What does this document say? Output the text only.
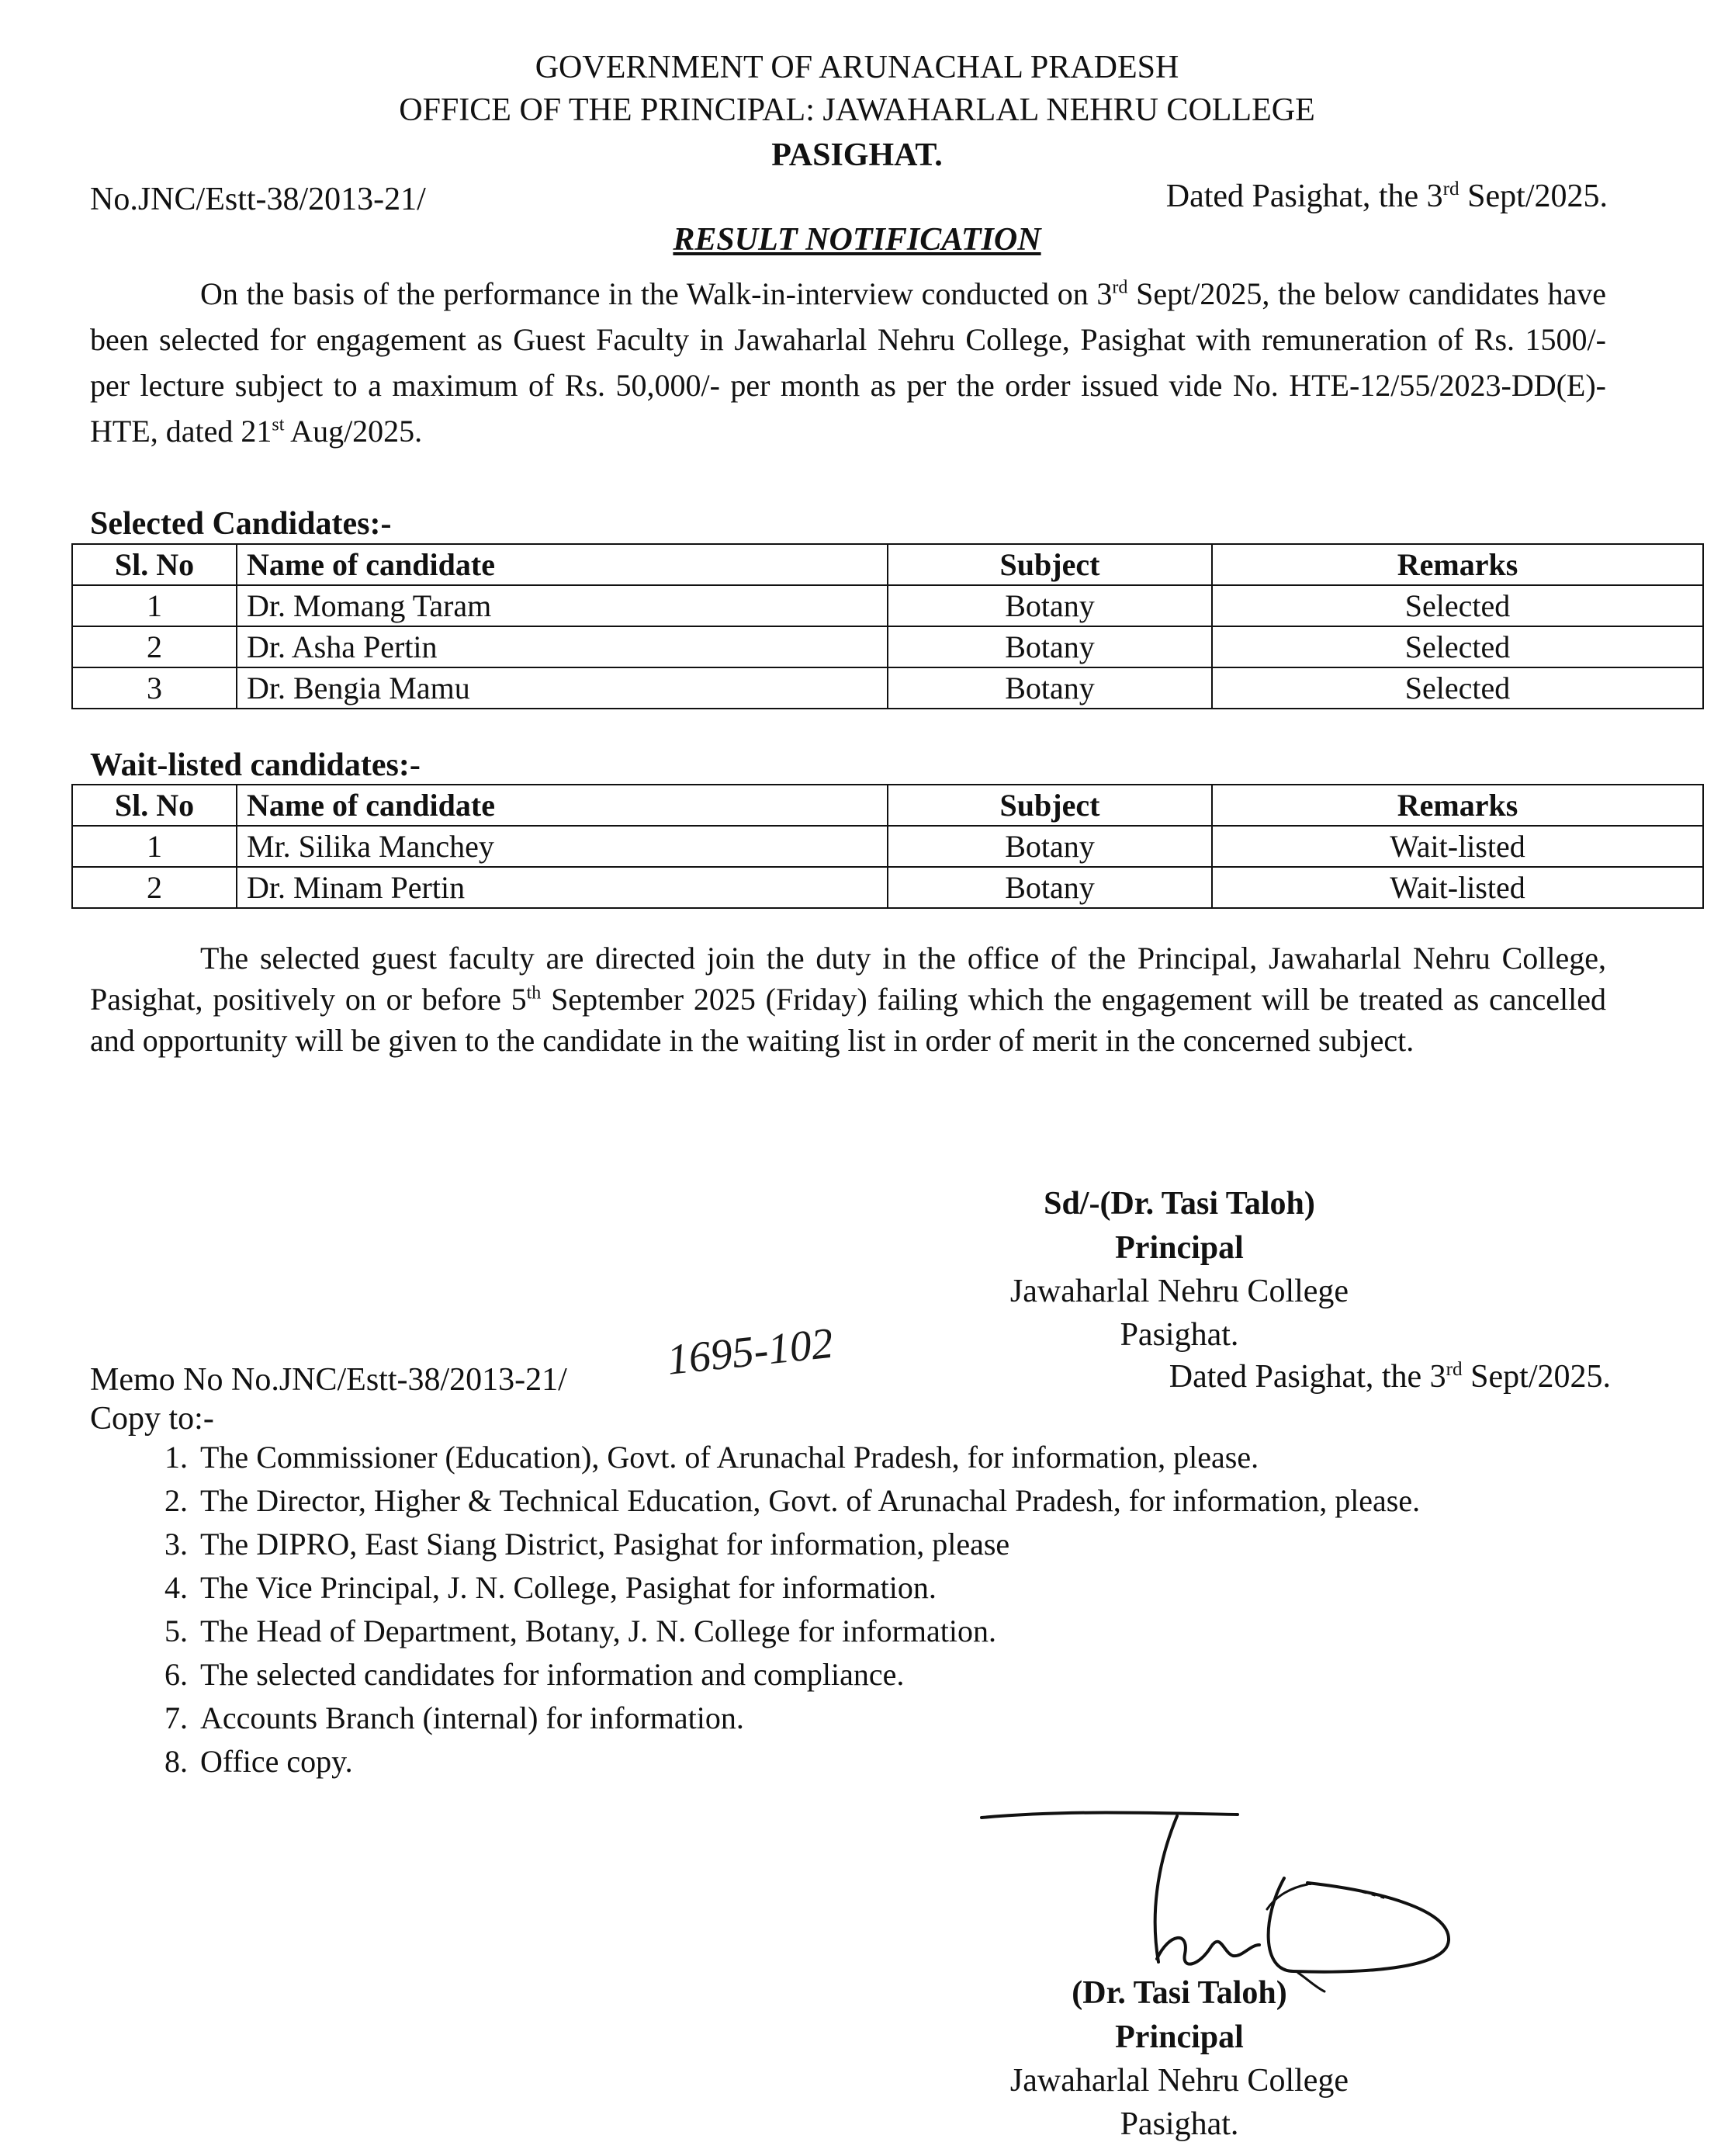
GOVERNMENT OF ARUNACHAL PRADESH
OFFICE OF THE PRINCIPAL: JAWAHARLAL NEHRU COLLEGE
PASIGHAT.
No.JNC/Estt-38/2013-21/	Dated Pasighat, the 3rd Sept/2025.
RESULT NOTIFICATION

On the basis of the performance in the Walk-in-interview conducted on 3rd Sept/2025, the below candidates have been selected for engagement as Guest Faculty in Jawaharlal Nehru College, Pasighat with remuneration of Rs. 1500/- per lecture subject to a maximum of Rs. 50,000/- per month as per the order issued vide No. HTE-12/55/2023-DD(E)-HTE, dated 21st Aug/2025.

Selected Candidates:-
Sl. No	Name of candidate	Subject	Remarks
1	Dr. Momang Taram	Botany	Selected
2	Dr. Asha Pertin	Botany	Selected
3	Dr. Bengia Mamu	Botany	Selected
Wait-listed candidates:-
Sl. No	Name of candidate	Subject	Remarks
1	Mr. Silika Manchey	Botany	Wait-listed
2	Dr. Minam Pertin	Botany	Wait-listed

The selected guest faculty are directed join the duty in the office of the Principal, Jawaharlal Nehru College, Pasighat, positively on or before 5th September 2025 (Friday) failing which the engagement will be treated as cancelled and opportunity will be given to the candidate in the waiting list in order of merit in the concerned subject.

Sd/-(Dr. Tasi Taloh)
Principal
Jawaharlal Nehru College
Pasighat.
Memo No No.JNC/Estt-38/2013-21/ 1695-102	Dated Pasighat, the 3rd Sept/2025.
Copy to:-
1. The Commissioner (Education), Govt. of Arunachal Pradesh, for information, please.
2. The Director, Higher & Technical Education, Govt. of Arunachal Pradesh, for information, please.
3. The DIPRO, East Siang District, Pasighat for information, please
4. The Vice Principal, J. N. College, Pasighat for information.
5. The Head of Department, Botany, J. N. College for information.
6. The selected candidates for information and compliance.
7. Accounts Branch (internal) for information.
8. Office copy.
(Dr. Tasi Taloh)
Principal
Jawaharlal Nehru College
Pasighat.
